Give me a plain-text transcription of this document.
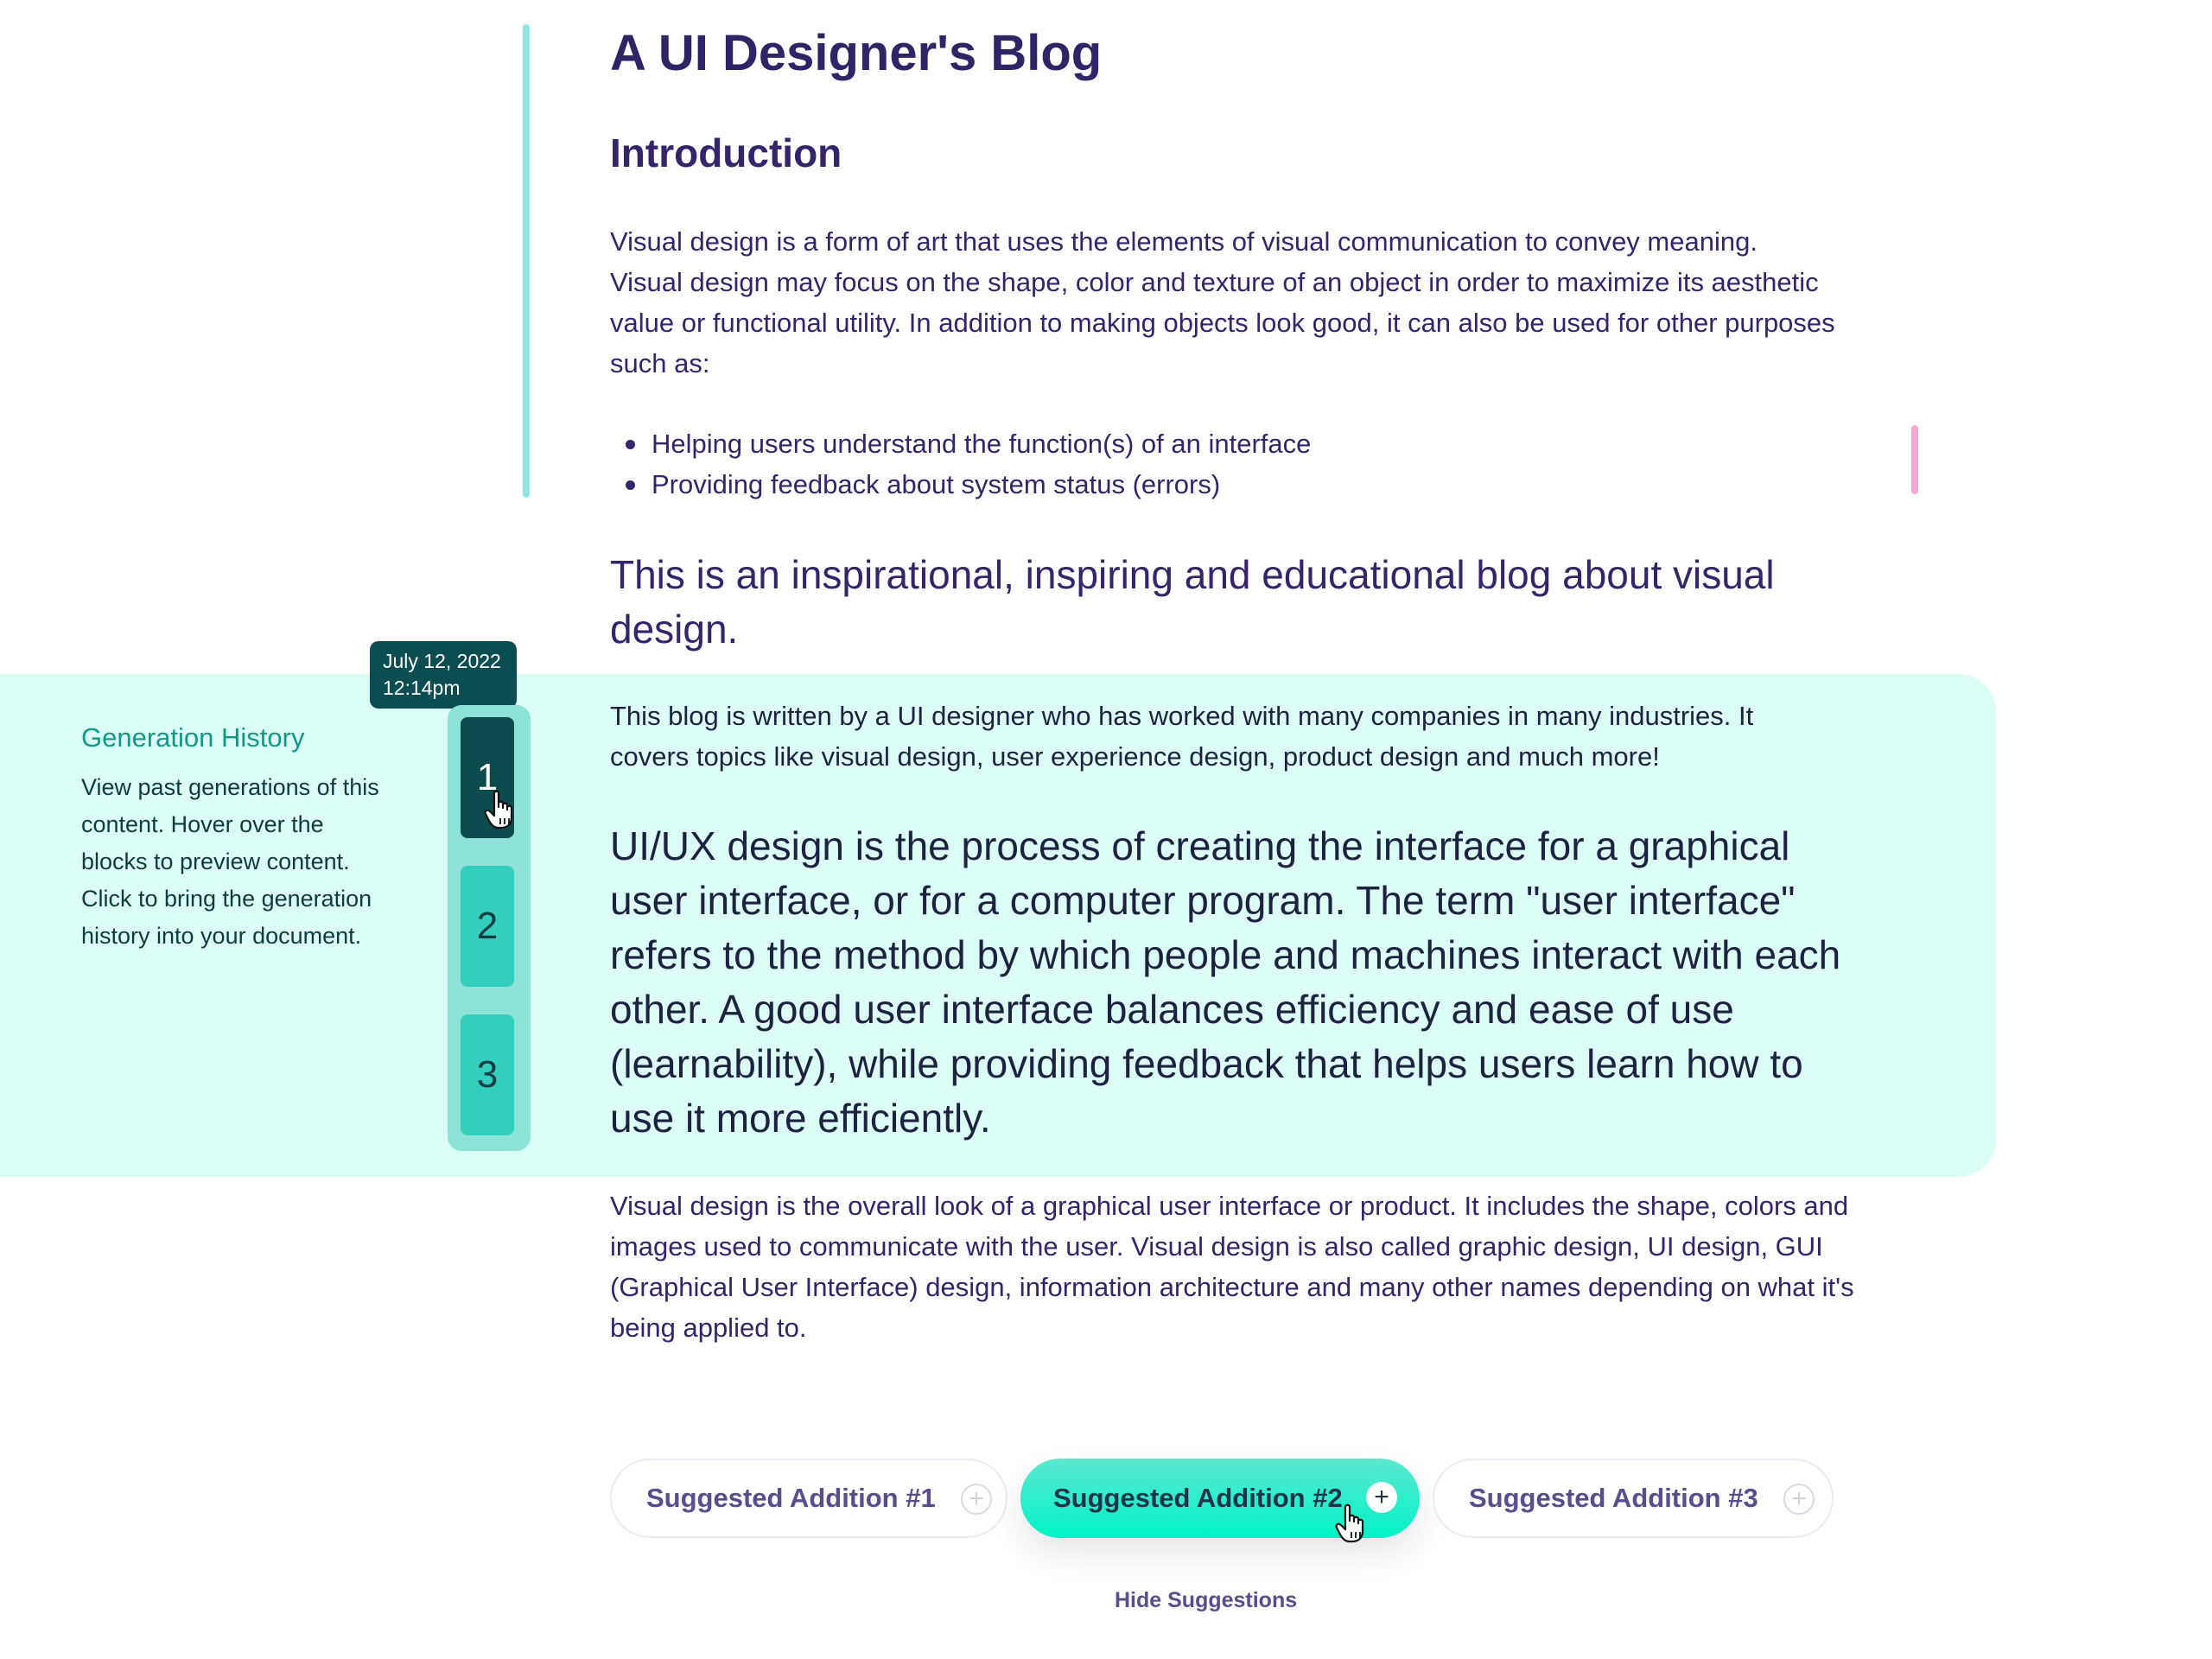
A UI Designer's Blog
Introduction

Visual design is a form of art that uses the elements of visual communication to convey meaning. Visual design may focus on the shape, color and texture of an object in order to maximize its aesthetic value or functional utility. In addition to making objects look good, it can also be used for other purposes such as:

Helping users understand the function(s) of an interface
Providing feedback about system status (errors)

This is an inspirational, inspiring and educational blog about visual design.

Generation History

View past generations of this content. Hover over the blocks to preview content. Click to bring the generation history into your document.

July 12, 2022
12:14pm
1
2
3

This blog is written by a UI designer who has worked with many companies in many industries. It covers topics like visual design, user experience design, product design and much more!

UI/UX design is the process of creating the interface for a graphical user interface, or for a computer program. The term "user interface" refers to the method by which people and machines interact with each other. A good user interface balances efficiency and ease of use (learnability), while providing feedback that helps users learn how to use it more efficiently.

Visual design is the overall look of a graphical user interface or product. It includes the shape, colors and images used to communicate with the user. Visual design is also called graphic design, UI design, GUI (Graphical User Interface) design, information architecture and many other names depending on what it's being applied to.

Suggested Addition #1	+	Suggested Addition #2	+	Suggested Addition #3	+
Hide Suggestions
